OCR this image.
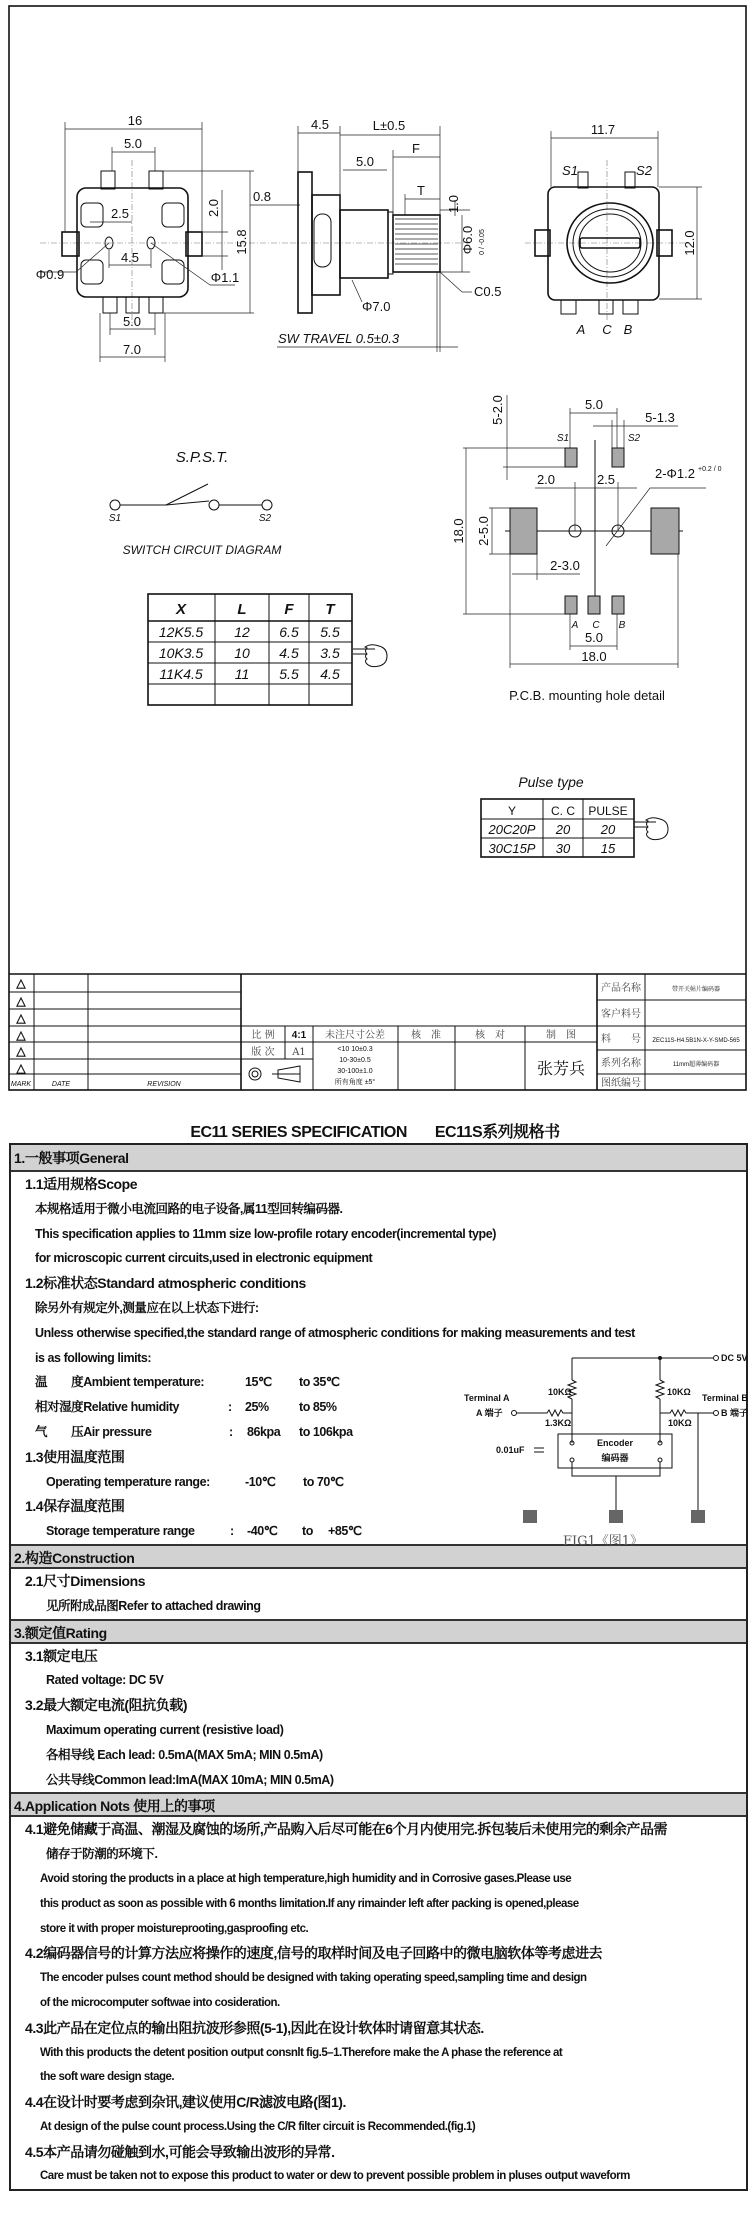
16
5.0
2.0
15.8
2.5
4.5
Φ0.9	Φ1.1
5.0
7.0
0.8
4.5	L±0.5
F
5.0
T
1.0
Φ6.0 0 / -0.05
C0.5
Φ7.0
SW TRAVEL 0.5±0.3
11.7
12.0
S1	S2
A C B
S.P.S.T.
S1	S2
SWITCH CIRCUIT DIAGRAM
X	L	F T
12K5.5 12 6.5 5.5
10K3.5 10 4.5 3.5
11K4.5 11 5.5 4.5
5-2.0	5.0
5-1.3
2.0	2.5	2-Φ1.2 +0.2 / 0
18.0 2-5.0
2-3.0
5.0
18.0
S1	S2
A C B
P.C.B. mounting hole detail
Pulse type
Y	C. C PULSE
20C20P 20 20
30C15P 30 15
△
△
△
△
△
△
MARK	DATE	REVISION
比 例 4:1
版 次 A1
未注尺寸公差
<10 10±0.3
10-30±0.5
30-100±1.0
所有角度 ±5°
核　准	核　对	制　图
张芳兵
产品名称	带开关帖片编码器
客户料号
料　　号 ZEC11S-H4.5B1N-X-Y-SMD-565
系列名称	11mm超薄编码器
图纸编号
EC11 SERIES SPECIFICATION EC11S系列规格书
1.一般事项General
1.1适用规格Scope
本规格适用于微小电流回路的电子设备,属11型回转编码器.
This specification applies to 11mm size low-profile rotary encoder(incremental type)
for microscopic current circuits,used in electronic equipment
1.2标准状态Standard atmospheric conditions
除另外有规定外,测量应在以上状态下进行:
Unless otherwise specified,the standard range of atmospheric conditions for making measurements and test
is as following limits:
温　　度Ambient temperature:	15℃ to 35℃
相对湿度Relative humidity	: 25% to 85%
气　　压Air pressure	: 86kpa to 106kpa
1.3使用温度范围
Operating temperature range:	-10℃ to 70℃
1.4保存温度范围
Storage temperature range	: -40℃ to +85℃
2.构造Construction
2.1尺寸Dimensions
见所附成品图Refer to attached drawing
3.额定值Rating
3.1额定电压
Rated voltage: DC 5V
3.2最大额定电流(阻抗负载)
Maximum operating current (resistive load)
各相导线 Each lead: 0.5mA(MAX 5mA; MIN 0.5mA)
公共导线Common lead:ImA(MAX 10mA; MIN 0.5mA)
4.Application Nots 使用上的事项
4.1避免储藏于高温、潮湿及腐蚀的场所,产品购入后尽可能在6个月内使用完.拆包装后未使用完的剩余产品需
储存于防潮的环境下.
Avoid storing the products in a place at high temperature,high humidity and in Corrosive gases.Please use
this product as soon as possible with 6 months limitation.If any rimainder left after packing is opened,please
store it with proper moistureprooting,gasproofing etc.
4.2编码器信号的计算方法应将操作的速度,信号的取样时间及电子回路中的微电脑软体等考虑进去
The encoder pulses count method should be designed with taking operating speed,sampling time and design
of the microcomputer softwae into cosideration.
4.3此产品在定位点的输出阻抗波形参照(5-1),因此在设计软体时请留意其状态.
With this products the detent position output consnlt fig.5–1.Therefore make the A phase the reference at
the soft ware design stage.
4.4在设计时要考虑到杂讯,建议使用C/R滤波电路(图1).
At design of the pulse count process.Using the C/R filter circuit is Recommended.(fig.1)
4.5本产品请勿碰触到水,可能会导致输出波形的异常.
Care must be taken not to expose this product to water or dew to prevent possible problem in pluses output waveform
DC 5V
10KΩ	10KΩ
Terminal A
A 端子
1.3KΩ	10KΩ
B 端子
Terminal B
Encoder
编码器
0.01uF
FIG1《图1》
